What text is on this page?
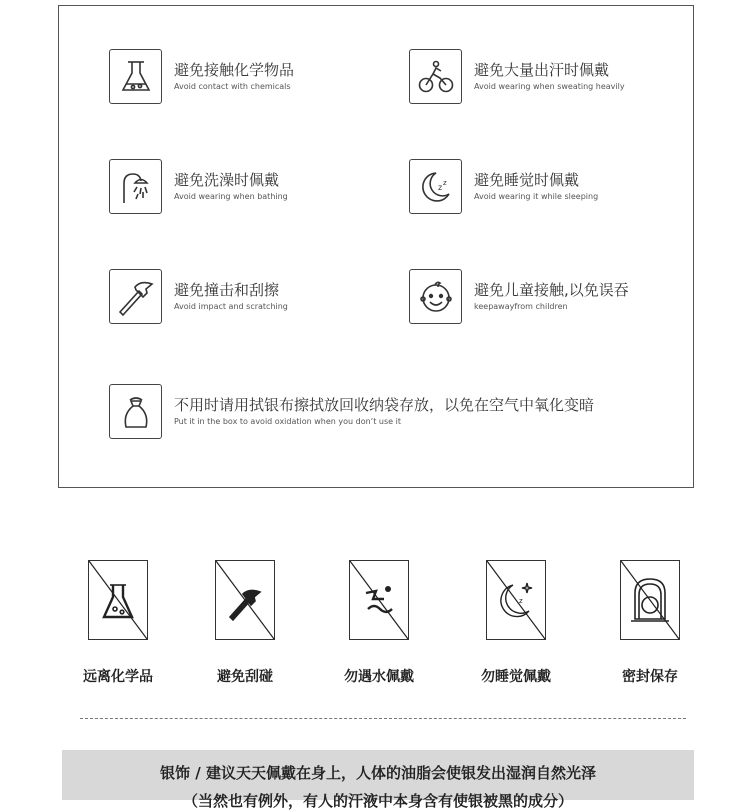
避免接触化学物品
Avoid contact with chemicals
避免大量出汗时佩戴
Avoid wearing when sweating heavily
避免洗澡时佩戴
Avoid wearing when bathing
z z 避免睡觉时佩戴
Avoid wearing it while sleeping
避免撞击和刮擦
Avoid impact and scratching
避免儿童接触,以免误吞
keepawayfrom children
不用时请用拭银布擦拭放回收纳袋存放，以免在空气中氧化变暗
Put it in the box to avoid oxidation when you don’t use it
远离化学品	避免刮碰	勿遇水佩戴
z
勿睡觉佩戴	密封保存
银饰 / 建议天天佩戴在身上，人体的油脂会使银发出湿润自然光泽
（当然也有例外，有人的汗液中本身含有使银被黑的成分）
